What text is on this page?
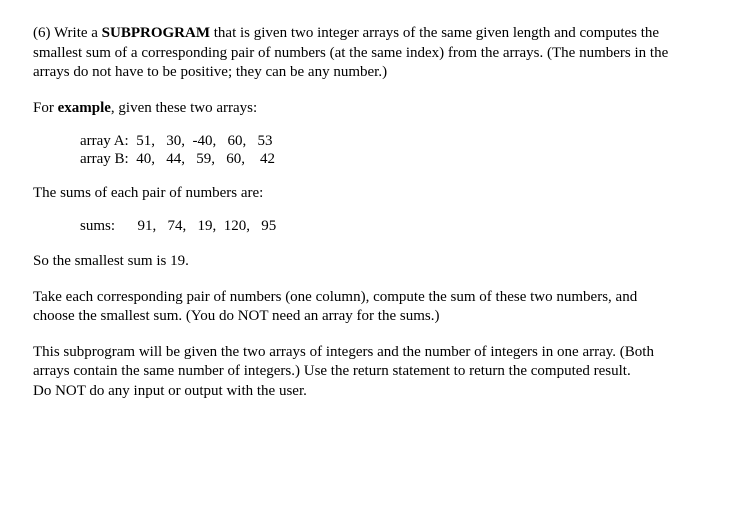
(6) Write a SUBPROGRAM that is given two integer arrays of the same given length and computes the
smallest sum of a corresponding pair of numbers (at the same index) from the arrays. (The numbers in the
arrays do not have to be positive; they can be any number.)

For example, given these two arrays:

array A:  51,   30,  -40,   60,   53
array B:  40,   44,   59,   60,    42

The sums of each pair of numbers are:

sums:      91,   74,   19,  120,   95

So the smallest sum is 19.

Take each corresponding pair of numbers (one column), compute the sum of these two numbers, and
choose the smallest sum. (You do NOT need an array for the sums.)

This subprogram will be given the two arrays of integers and the number of integers in one array. (Both
arrays contain the same number of integers.) Use the return statement to return the computed result.
Do NOT do any input or output with the user.
